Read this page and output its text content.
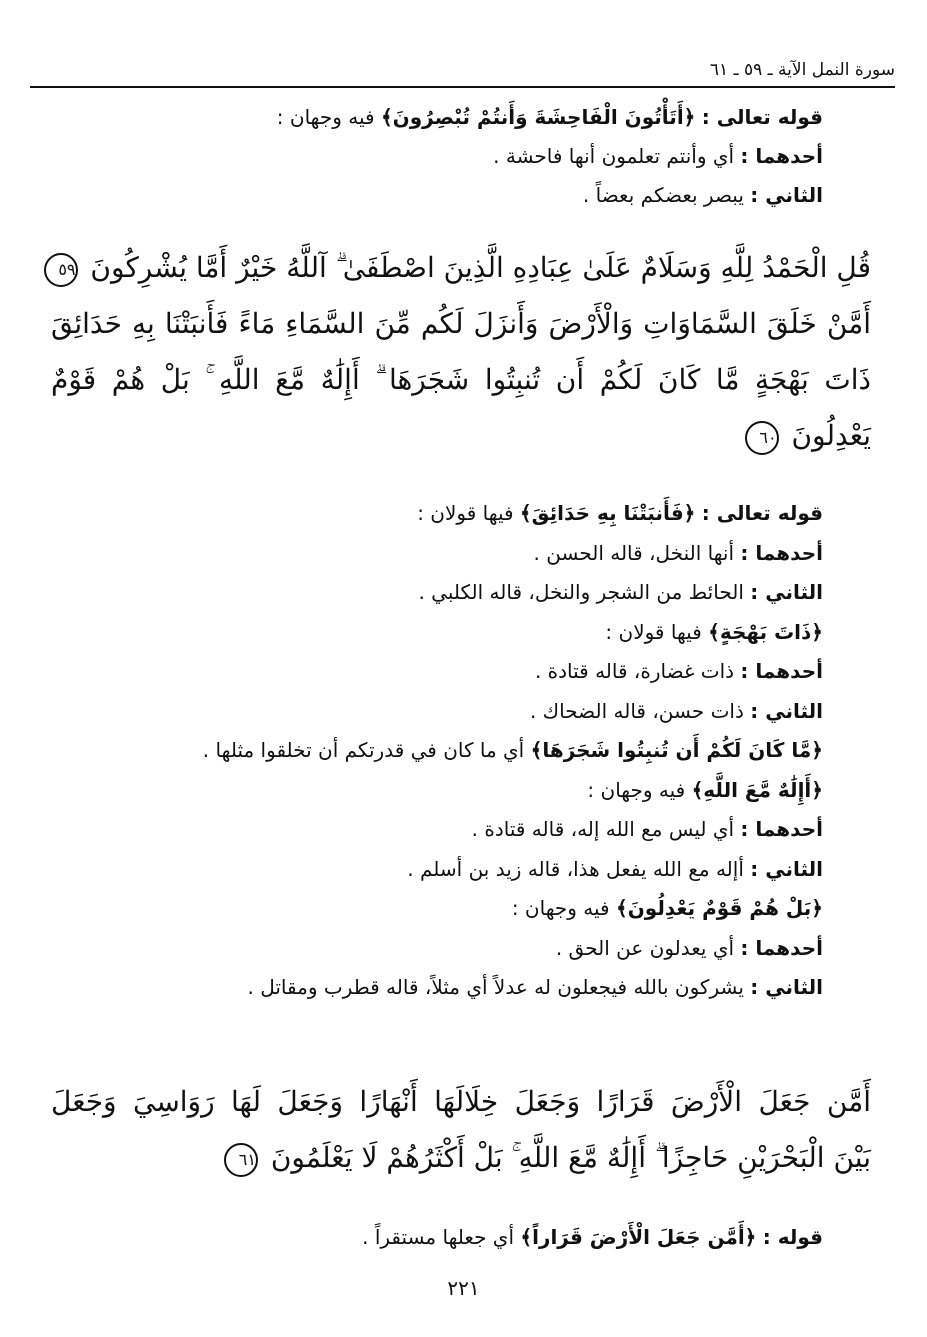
سورة النمل الآية ـ ٥٩ ـ ٦١

قوله تعالى : ﴿أَتَأْتُونَ الْفَاحِشَةَ وَأَنتُمْ تُبْصِرُونَ﴾ فيه وجهان :

أحدهما : أي وأنتم تعلمون أنها فاحشة .

الثاني : يبصر بعضكم بعضاً .

قُلِ الْحَمْدُ لِلَّهِ وَسَلَامٌ عَلَىٰ عِبَادِهِ الَّذِينَ اصْطَفَىٰ ۗ آللَّهُ خَيْرٌ أَمَّا يُشْرِكُونَ ٥٩

أَمَّنْ خَلَقَ السَّمَاوَاتِ وَالْأَرْضَ وَأَنزَلَ لَكُم مِّنَ السَّمَاءِ مَاءً فَأَنبَتْنَا بِهِ حَدَائِقَ

ذَاتَ بَهْجَةٍ مَّا كَانَ لَكُمْ أَن تُنبِتُوا شَجَرَهَا ۗ أَإِلَٰهٌ مَّعَ اللَّهِ ۚ بَلْ هُمْ قَوْمٌ

يَعْدِلُونَ ٦٠

قوله تعالى : ﴿فَأَنبَتْنَا بِهِ حَدَائِقَ﴾ فيها قولان :

أحدهما : أنها النخل، قاله الحسن .

الثاني : الحائط من الشجر والنخل، قاله الكلبي .

﴿ذَاتَ بَهْجَةٍ﴾ فيها قولان :

أحدهما : ذات غضارة، قاله قتادة .

الثاني : ذات حسن، قاله الضحاك .

﴿مَّا كَانَ لَكُمْ أَن تُنبِتُوا شَجَرَهَا﴾ أي ما كان في قدرتكم أن تخلقوا مثلها .

﴿أَإِلَٰهٌ مَّعَ اللَّهِ﴾ فيه وجهان :

أحدهما : أي ليس مع الله إله، قاله قتادة .

الثاني : أإله مع الله يفعل هذا، قاله زيد بن أسلم .

﴿بَلْ هُمْ قَوْمٌ يَعْدِلُونَ﴾ فيه وجهان :

أحدهما : أي يعدلون عن الحق .

الثاني : يشركون بالله فيجعلون له عدلاً أي مثلاً، قاله قطرب ومقاتل .

أَمَّن جَعَلَ الْأَرْضَ قَرَارًا وَجَعَلَ خِلَالَهَا أَنْهَارًا وَجَعَلَ لَهَا رَوَاسِيَ وَجَعَلَ

بَيْنَ الْبَحْرَيْنِ حَاجِزًا ۗ أَإِلَٰهٌ مَّعَ اللَّهِ ۚ بَلْ أَكْثَرُهُمْ لَا يَعْلَمُونَ ٦١

قوله : ﴿أَمَّن جَعَلَ الْأَرْضَ قَرَاراً﴾ أي جعلها مستقراً .

٢٢١
